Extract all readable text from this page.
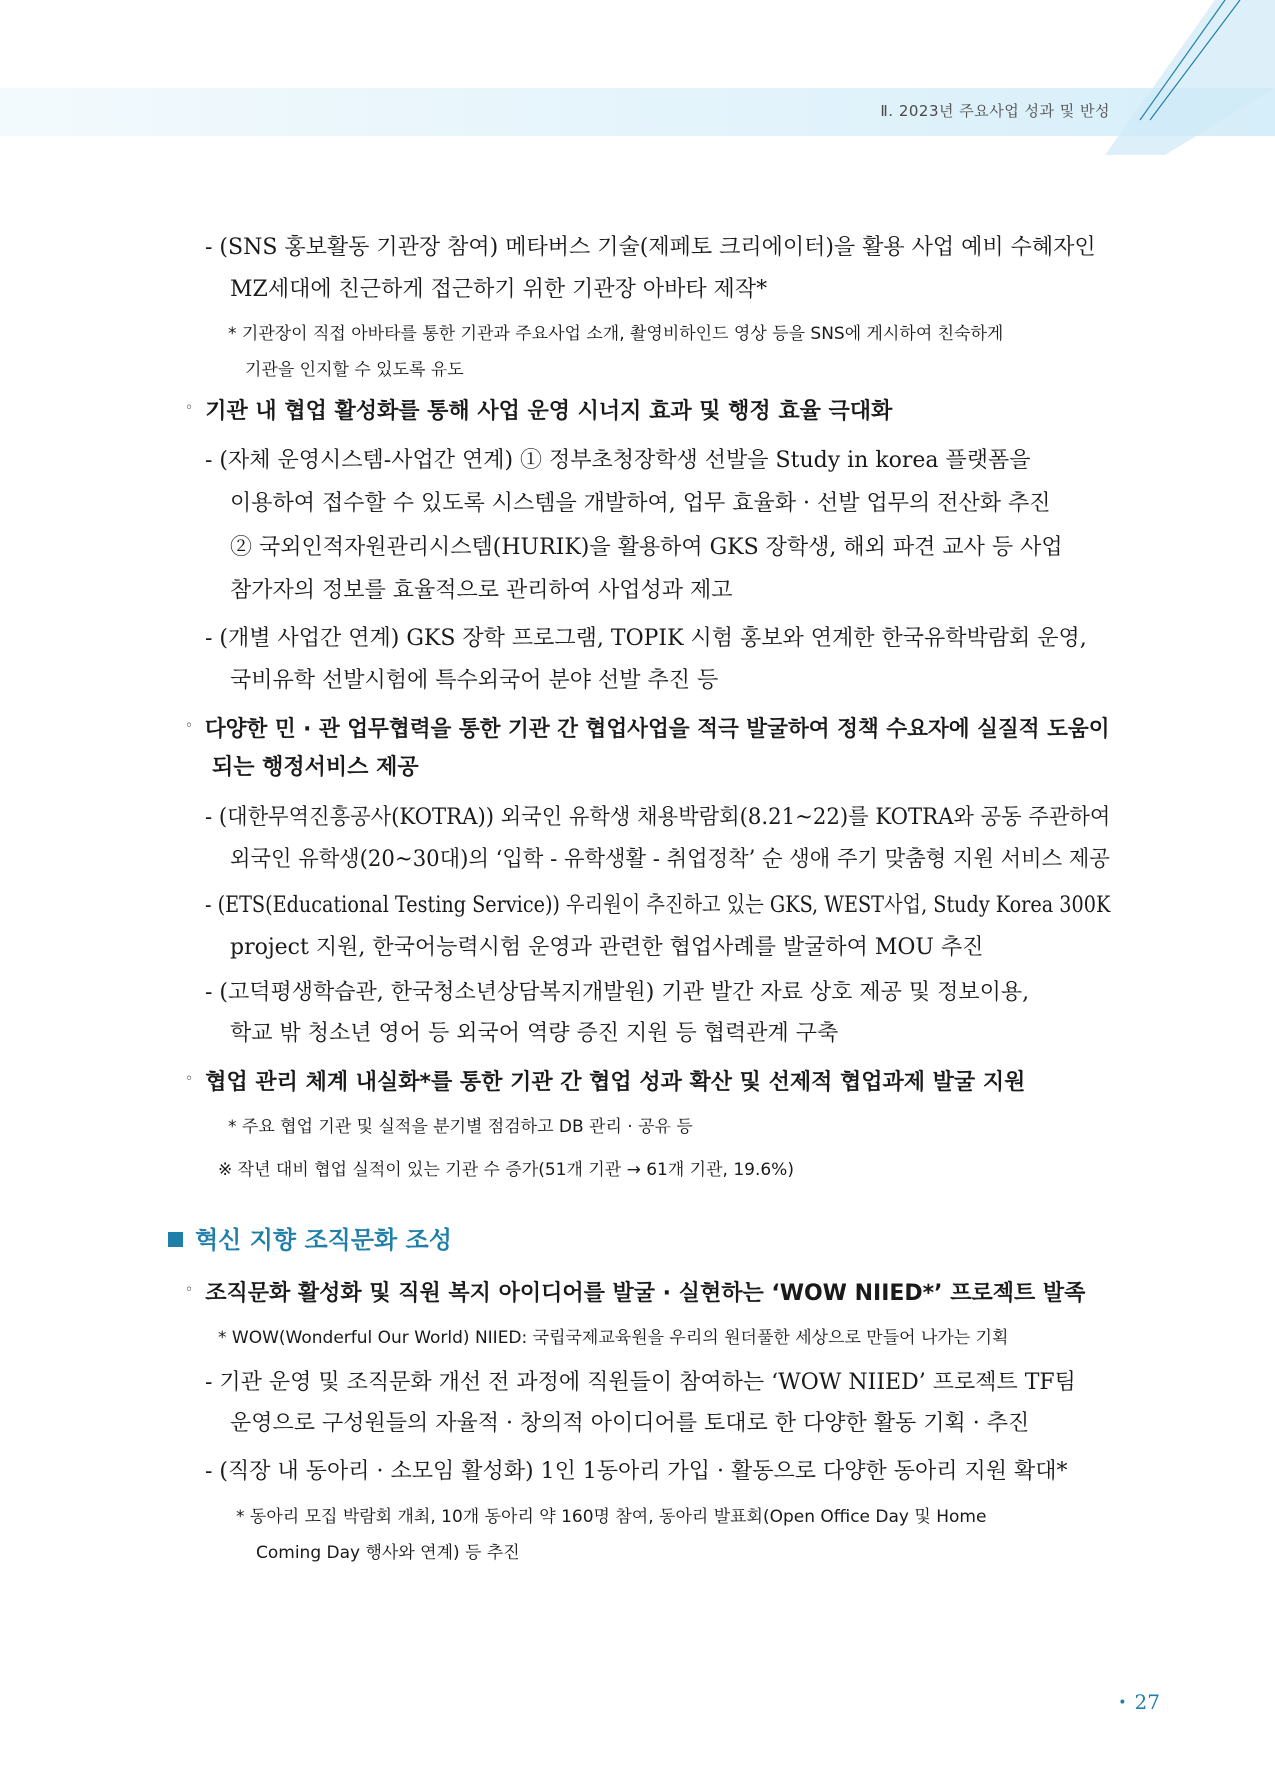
Ⅱ. 2023년 주요사업 성과 및 반성
- (SNS 홍보활동 기관장 참여) 메타버스 기술(제페토 크리에이터)을 활용 사업 예비 수혜자인
MZ세대에 친근하게 접근하기 위한 기관장 아바타 제작*
* 기관장이 직접 아바타를 통한 기관과 주요사업 소개, 촬영비하인드 영상 등을 SNS에 게시하여 친숙하게
기관을 인지할 수 있도록 유도
◦ 기관 내 협업 활성화를 통해 사업 운영 시너지 효과 및 행정 효율 극대화
- (자체 운영시스템-사업간 연계) ① 정부초청장학생 선발을 Study in korea 플랫폼을
이용하여 접수할 수 있도록 시스템을 개발하여, 업무 효율화 · 선발 업무의 전산화 추진
② 국외인적자원관리시스템(HURIK)을 활용하여 GKS 장학생, 해외 파견 교사 등 사업
참가자의 정보를 효율적으로 관리하여 사업성과 제고
- (개별 사업간 연계) GKS 장학 프로그램, TOPIK 시험 홍보와 연계한 한국유학박람회 운영,
국비유학 선발시험에 특수외국어 분야 선발 추진 등
◦ 다양한 민 · 관 업무협력을 통한 기관 간 협업사업을 적극 발굴하여 정책 수요자에 실질적 도움이
되는 행정서비스 제공
- (대한무역진흥공사(KOTRA)) 외국인 유학생 채용박람회(8.21~22)를 KOTRA와 공동 주관하여
외국인 유학생(20~30대)의 ‘입학 - 유학생활 - 취업정착’ 순 생애 주기 맞춤형 지원 서비스 제공
- (ETS(Educational Testing Service)) 우리원이 추진하고 있는 GKS, WEST사업, Study Korea 300K
project 지원, 한국어능력시험 운영과 관련한 협업사례를 발굴하여 MOU 추진
- (고덕평생학습관, 한국청소년상담복지개발원) 기관 발간 자료 상호 제공 및 정보이용,
학교 밖 청소년 영어 등 외국어 역량 증진 지원 등 협력관계 구축
◦ 협업 관리 체계 내실화*를 통한 기관 간 협업 성과 확산 및 선제적 협업과제 발굴 지원
* 주요 협업 기관 및 실적을 분기별 점검하고 DB 관리 · 공유 등
※ 작년 대비 협업 실적이 있는 기관 수 증가(51개 기관 → 61개 기관, 19.6%)
혁신 지향 조직문화 조성
◦ 조직문화 활성화 및 직원 복지 아이디어를 발굴 · 실현하는 ‘WOW NIIED*’ 프로젝트 발족
* WOW(Wonderful Our World) NIIED: 국립국제교육원을 우리의 원더풀한 세상으로 만들어 나가는 기획
- 기관 운영 및 조직문화 개선 전 과정에 직원들이 참여하는 ‘WOW NIIED’ 프로젝트 TF팀
운영으로 구성원들의 자율적 · 창의적 아이디어를 토대로 한 다양한 활동 기획 · 추진
- (직장 내 동아리 · 소모임 활성화) 1인 1동아리 가입 · 활동으로 다양한 동아리 지원 확대*
* 동아리 모집 박람회 개최, 10개 동아리 약 160명 참여, 동아리 발표회(Open Office Day 및 Home
Coming Day 행사와 연계) 등 추진
• 27
